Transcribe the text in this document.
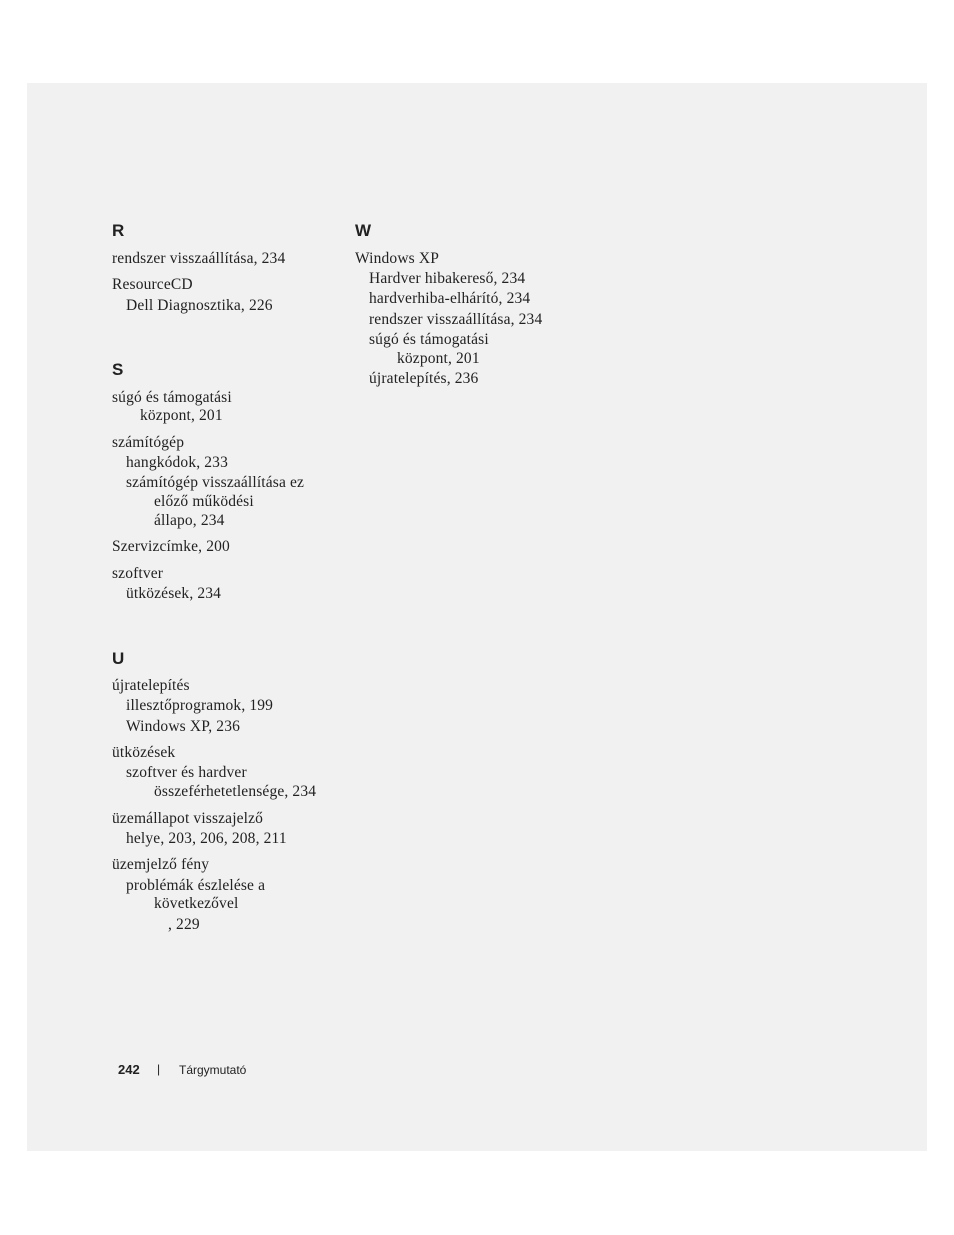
R
rendszer visszaállítása, 234
ResourceCD
Dell Diagnosztika, 226
S
súgó és támogatási
központ, 201
számítógép
hangkódok, 233
számítógép visszaállítása ez
előző működési
állapo, 234
Szervizcímke, 200
szoftver
ütközések, 234
U
újratelepítés
illesztőprogramok, 199
Windows XP, 236
ütközések
szoftver és hardver
összeférhetetlensége, 234
üzemállapot visszajelző
helye, 203, 206, 208, 211
üzemjelző fény
problémák észlelése a
következővel
, 229
W
Windows XP
Hardver hibakereső, 234
hardverhiba-elhárító, 234
rendszer visszaállítása, 234
súgó és támogatási
központ, 201
újratelepítés, 236
242 | Tárgymutató
